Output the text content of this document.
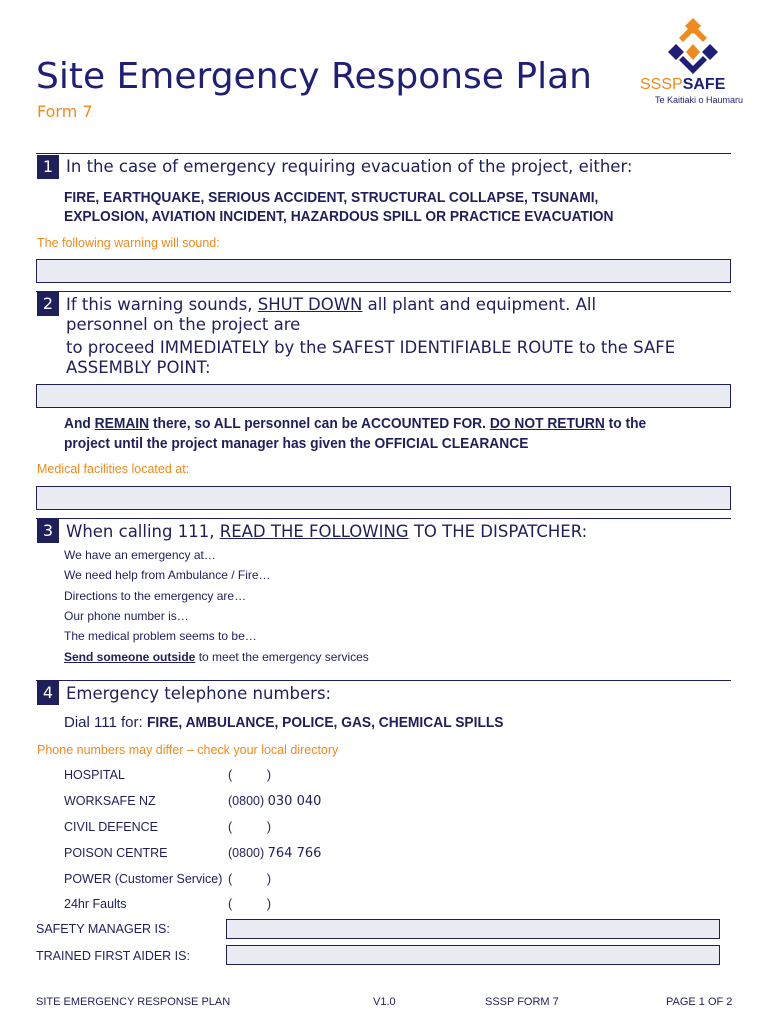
Site Emergency Response Plan
Form 7
SSSPSAFE
Te Kaitiaki o Haumaru
1 In the case of emergency requiring evacuation of the project, either:
FIRE, EARTHQUAKE, SERIOUS ACCIDENT, STRUCTURAL COLLAPSE, TSUNAMI,
EXPLOSION, AVIATION INCIDENT, HAZARDOUS SPILL OR PRACTICE EVACUATION
The following warning will sound:
2 If this warning sounds, SHUT DOWN all plant and equipment. All
personnel on the project are
to proceed IMMEDIATELY by the SAFEST IDENTIFIABLE ROUTE to the SAFE
ASSEMBLY POINT:
And REMAIN there, so ALL personnel can be ACCOUNTED FOR. DO NOT RETURN to the
project until the project manager has given the OFFICIAL CLEARANCE
Medical facilities located at:
3 When calling 111, READ THE FOLLOWING TO THE DISPATCHER:
We have an emergency at…
We need help from Ambulance / Fire…
Directions to the emergency are…
Our phone number is…
The medical problem seems to be…
Send someone outside to meet the emergency services
4 Emergency telephone numbers:
Dial 111 for: FIRE, AMBULANCE, POLICE, GAS, CHEMICAL SPILLS
Phone numbers may differ – check your local directory
HOSPITAL	(          )
WORKSAFE NZ	(0800) 030 040
CIVIL DEFENCE	(          )
POISON CENTRE	(0800) 764 766
POWER (Customer Service) (          )
24hr Faults	(          )
SAFETY MANAGER IS:
TRAINED FIRST AIDER IS:
SITE EMERGENCY RESPONSE PLAN	V1.0	SSSP FORM 7	PAGE 1 OF 2
